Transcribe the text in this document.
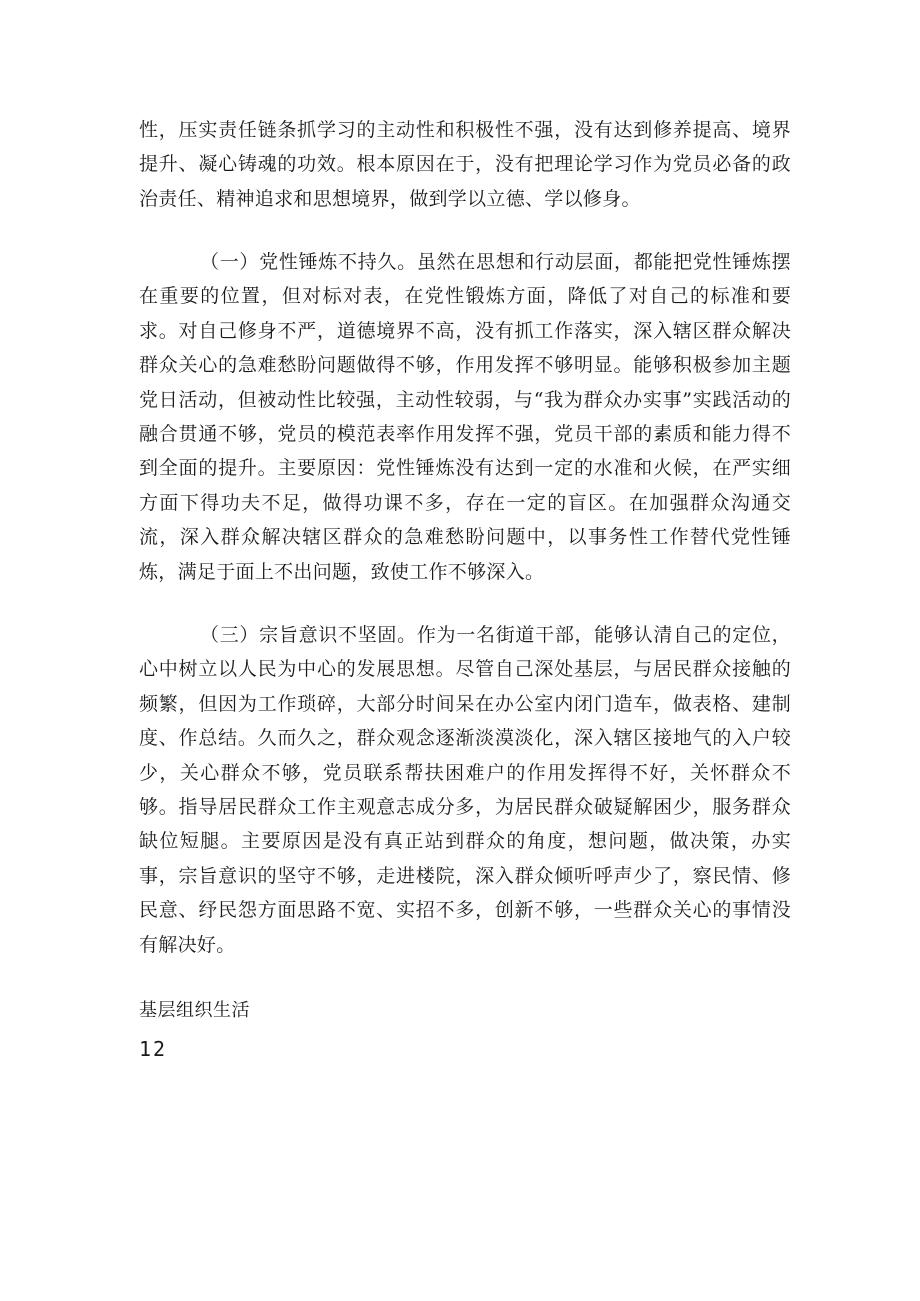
性，压实责任链条抓学习的主动性和积极性不强，没有达到修养提高、境界提升、凝心铸魂的功效。根本原因在于，没有把理论学习作为党员必备的政治责任、精神追求和思想境界，做到学以立德、学以修身。

（一）党性锤炼不持久。虽然在思想和行动层面，都能把党性锤炼摆在重要的位置，但对标对表，在党性锻炼方面，降低了对自己的标准和要求。对自己修身不严，道德境界不高，没有抓工作落实，深入辖区群众解决群众关心的急难愁盼问题做得不够，作用发挥不够明显。能够积极参加主题党日活动，但被动性比较强，主动性较弱，与“我为群众办实事”实践活动的融合贯通不够，党员的模范表率作用发挥不强，党员干部的素质和能力得不到全面的提升。主要原因：党性锤炼没有达到一定的水准和火候，在严实细方面下得功夫不足，做得功课不多，存在一定的盲区。在加强群众沟通交流，深入群众解决辖区群众的急难愁盼问题中，以事务性工作替代党性锤炼，满足于面上不出问题，致使工作不够深入。

（三）宗旨意识不坚固。作为一名街道干部，能够认清自己的定位，心中树立以人民为中心的发展思想。尽管自己深处基层，与居民群众接触的频繁，但因为工作琐碎，大部分时间呆在办公室内闭门造车，做表格、建制度、作总结。久而久之，群众观念逐渐淡漠淡化，深入辖区接地气的入户较少，关心群众不够，党员联系帮扶困难户的作用发挥得不好，关怀群众不够。指导居民群众工作主观意志成分多，为居民群众破疑解困少，服务群众缺位短腿。主要原因是没有真正站到群众的角度，想问题，做决策，办实事，宗旨意识的坚守不够，走进楼院，深入群众倾听呼声少了，察民情、修民意、纾民怨方面思路不宽、实招不多，创新不够，一些群众关心的事情没有解决好。

基层组织生活

12
